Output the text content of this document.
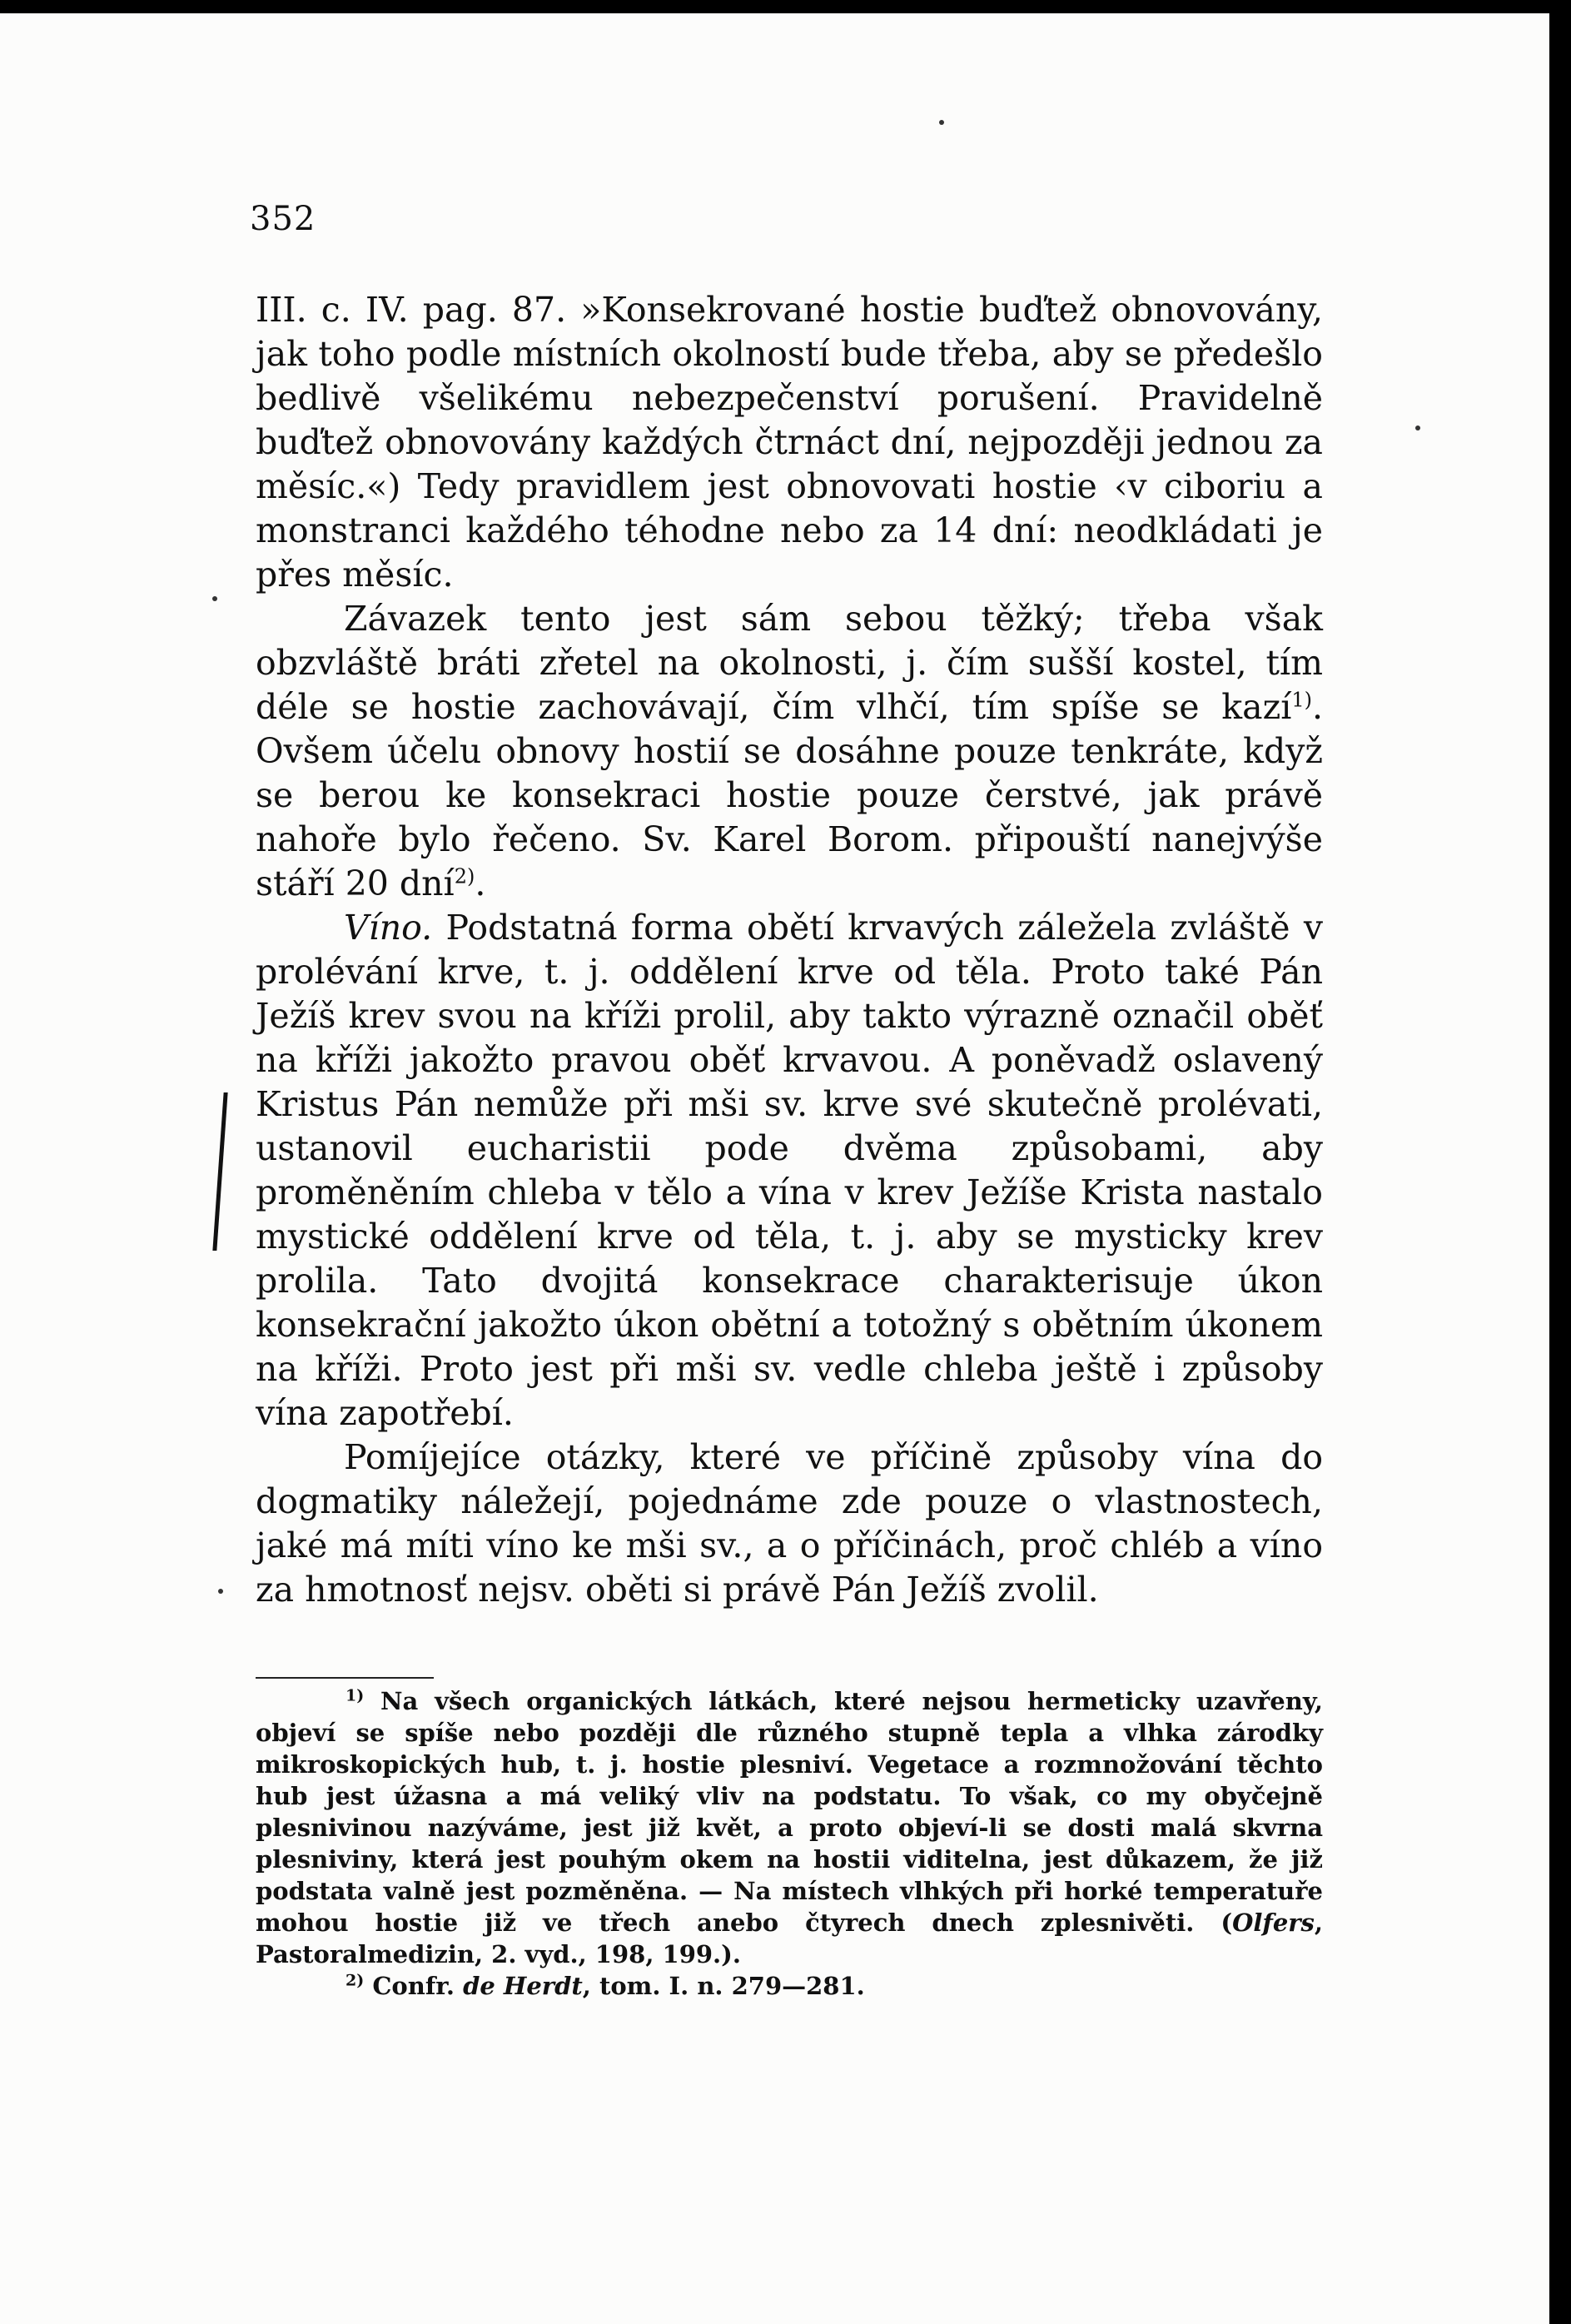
352

III. c. IV. pag. 87. »Konsekrované hostie buďtež obnovovány, jak toho podle místních okolností bude třeba, aby se předešlo bedlivě všelikému nebezpečenství porušení. Pravidelně buďtež obnovovány každých čtrnáct dní, nejpozději jednou za měsíc.«) Tedy pravidlem jest obnovovati hostie ‹v ciboriu a monstranci každého téhodne nebo za 14 dní: neodkládati je přes měsíc.

Závazek tento jest sám sebou těžký; třeba však obzvláště bráti zřetel na okolnosti, j. čím sušší kostel, tím déle se hostie zachovávají, čím vlhčí, tím spíše se kazí$^{1)}$. Ovšem účelu obnovy hostií se dosáhne pouze tenkráte, když se berou ke konsekraci hostie pouze čerstvé, jak právě nahoře bylo řečeno. Sv. Karel Borom. připouští nanejvýše stáří 20 dní$^{2)}$.

Víno. Podstatná forma obětí krvavých záležela zvláště v prolévání krve, t. j. oddělení krve od těla. Proto také Pán Ježíš krev svou na kříži prolil, aby takto výrazně označil oběť na kříži jakožto pravou oběť krvavou. A poněvadž oslavený Kristus Pán nemůže při mši sv. krve své skutečně prolévati, ustanovil eucharistii pode dvěma způsobami, aby proměněním chleba v tělo a vína v krev Ježíše Krista nastalo mystické oddělení krve od těla, t. j. aby se mysticky krev prolila. Tato dvojitá konsekrace charakterisuje úkon konsekrační jakožto úkon obětní a totožný s obětním úkonem na kříži. Proto jest při mši sv. vedle chleba ještě i způsoby vína zapotřebí.

Pomíjejíce otázky, které ve příčině způsoby vína do dogmatiky náležejí, pojednáme zde pouze o vlastnostech, jaké má míti víno ke mši sv., a o příčinách, proč chléb a víno za hmotnosť nejsv. oběti si právě Pán Ježíš zvolil.

$^{1)}$ Na všech organických látkách, které nejsou hermeticky uzavřeny, objeví se spíše nebo později dle různého stupně tepla a vlhka zárodky mikroskopických hub, t. j. hostie plesniví. Vegetace a rozmnožování těchto hub jest úžasna a má veliký vliv na podstatu. To však, co my obyčejně plesnivinou nazýváme, jest již květ, a proto objeví-li se dosti malá skvrna plesniviny, která jest pouhým okem na hostii viditelna, jest důkazem, že již podstata valně jest pozměněna. — Na místech vlhkých při horké temperatuře mohou hostie již ve třech anebo čtyrech dnech zplesnivěti. (Olfers, Pastoralmedizin, 2. vyd., 198, 199.).

$^{2)}$ Confr. de Herdt, tom. I. n. 279—281.
